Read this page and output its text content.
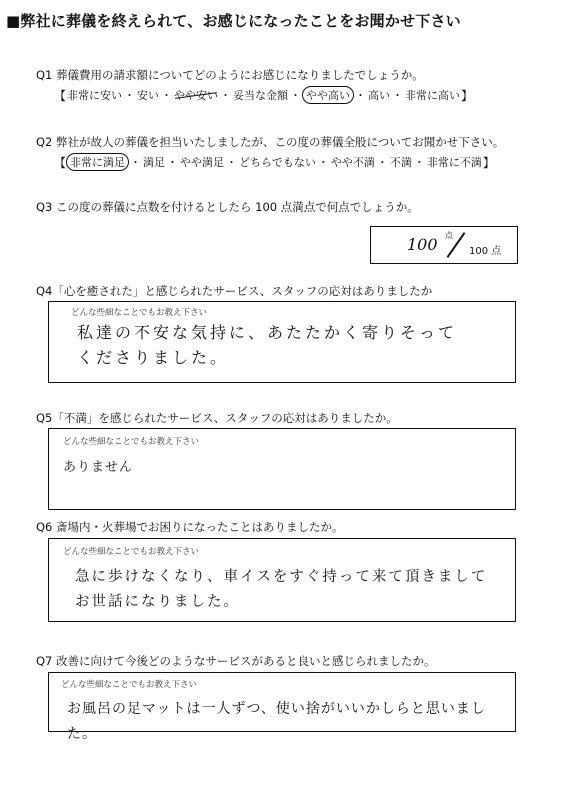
■弊社に葬儀を終えられて、お感じになったことをお聞かせ下さい
Q1 葬儀費用の請求額についてどのようにお感じになりましたでしょうか。
【 非常に安い ・ 安い ・ やや安い ・ 妥当な金額 ・ やや高い ・ 高い ・ 非常に高い 】
Q2 弊社が故人の葬儀を担当いたしましたが、この度の葬儀全般についてお聞かせ下さい。
【 非常に満足 ・ 満足 ・ やや満足 ・ どちらでもない ・ やや不満 ・ 不満 ・ 非常に不満 】
Q3 この度の葬儀に点数を付けるとしたら 100 点満点で何点でしょうか。
100 点
100 点
Q4「心を癒された」と感じられたサービス、スタッフの応対はありましたか
どんな些細なことでもお教え下さい
私達の不安な気持に、あたたかく寄りそって
くださりました。
Q5「不満」を感じられたサービス、スタッフの応対はありましたか。
どんな些細なことでもお教え下さい
ありません
Q6 斎場内・火葬場でお困りになったことはありましたか。
どんな些細なことでもお教え下さい
急に歩けなくなり、車イスをすぐ持って来て頂きまして
お世話になりました。
Q7 改善に向けて今後どのようなサービスがあると良いと感じられましたか。
どんな些細なことでもお教え下さい
お風呂の足マットは一人ずつ、使い捨がいいかしらと思いました。
